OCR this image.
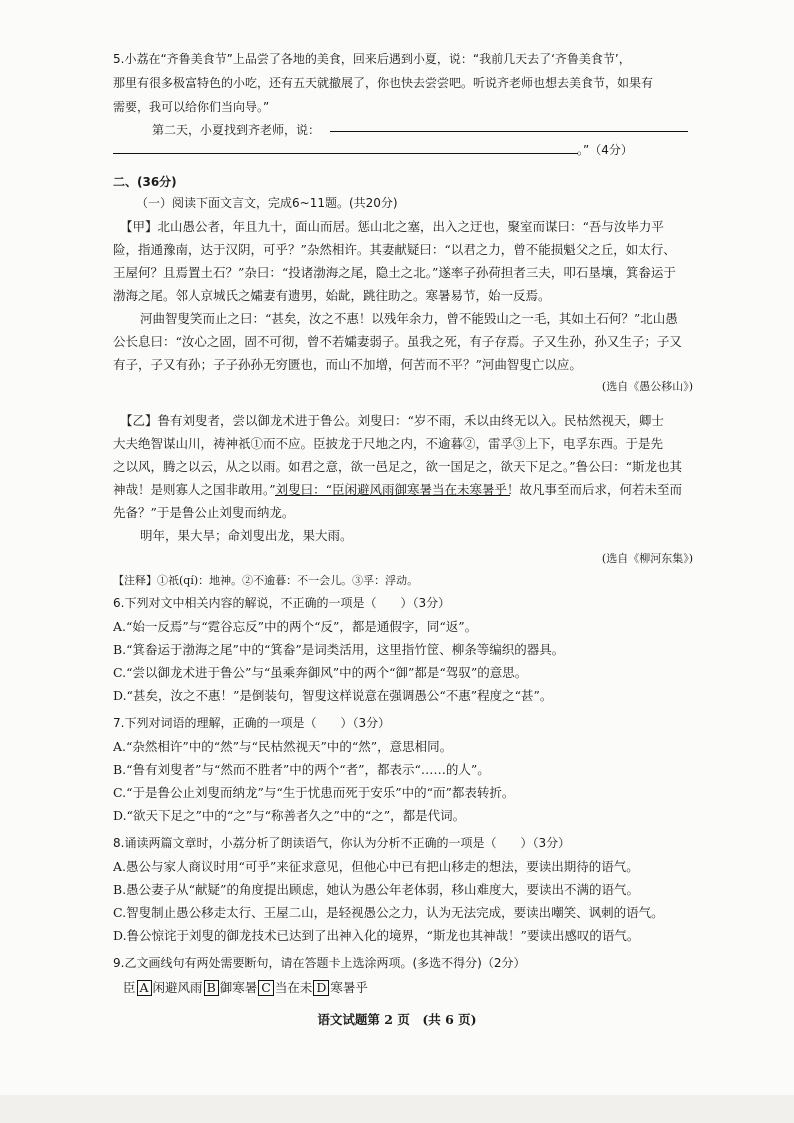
5.小荔在“齐鲁美食节”上品尝了各地的美食，回来后遇到小夏，说：“我前几天去了‘齐鲁美食节’，
那里有很多极富特色的小吃，还有五天就撤展了，你也快去尝尝吧。听说齐老师也想去美食节，如果有
需要，我可以给你们当向导。”
第二天，小夏找到齐老师，说：
。”（4分）
二、(36分)
（一）阅读下面文言文，完成6~11题。(共20分)
【甲】北山愚公者，年且九十，面山而居。惩山北之塞，出入之迂也，聚室而谋曰：“吾与汝毕力平
险，指通豫南，达于汉阴，可乎？”杂然相许。其妻献疑曰：“以君之力，曾不能损魁父之丘，如太行、
王屋何？且焉置土石？”杂曰：“投诸渤海之尾，隐土之北。”遂率子孙荷担者三夫，叩石垦壤，箕畚运于
渤海之尾。邻人京城氏之孀妻有遗男，始龀，跳往助之。寒暑易节，始一反焉。
河曲智叟笑而止之曰：“甚矣，汝之不惠！以残年余力，曾不能毁山之一毛，其如土石何？”北山愚
公长息曰：“汝心之固，固不可彻，曾不若孀妻弱子。虽我之死，有子存焉。子又生孙，孙又生子；子又
有子，子又有孙；子子孙孙无穷匮也，而山不加增，何苦而不平？”河曲智叟亡以应。
(选自《愚公移山》)
【乙】鲁有刘叟者，尝以御龙术进于鲁公。刘叟曰：“岁不雨，禾以由终无以入。民枯然视天，卿士
大夫绝智谋山川，祷神祇①而不应。臣披龙于尺地之内，不逾暮②，雷孚③上下，电孚东西。于是先
之以风，腾之以云，从之以雨。如君之意，欲一邑足之，欲一国足之，欲天下足之。”鲁公曰：“斯龙也其
神哉！是则寡人之国非敢用。”刘叟曰：“臣闲避风雨御寒暑当在未寒暑乎！故凡事至而后求，何若未至而
先备？”于是鲁公止刘叟而纳龙。
明年，果大旱；命刘叟出龙，果大雨。
(选自《柳河东集》)
【注释】①祇(qí)：地神。②不逾暮：不一会儿。③孚：浮动。
6.下列对文中相关内容的解说，不正确的一项是（　　）（3分）
A.“始一反焉”与“霓谷忘反”中的两个“反”，都是通假字，同“返”。
B.“箕畚运于渤海之尾”中的“箕畚”是词类活用，这里指竹筐、柳条等编织的器具。
C.“尝以御龙术进于鲁公”与“虽乘奔御风”中的两个“御”都是“驾驭”的意思。
D.“甚矣，汝之不惠！”是倒装句，智叟这样说意在强调愚公“不惠”程度之“甚”。
7.下列对词语的理解，正确的一项是（　　）（3分）
A.“杂然相许”中的“然”与“民枯然视天”中的“然”，意思相同。
B.“鲁有刘叟者”与“然而不胜者”中的两个“者”，都表示“……的人”。
C.“于是鲁公止刘叟而纳龙”与“生于忧患而死于安乐”中的“而”都表转折。
D.“欲天下足之”中的“之”与“称善者久之”中的“之”，都是代词。
8.诵读两篇文章时，小荔分析了朗读语气，你认为分析不正确的一项是（　　）（3分）
A.愚公与家人商议时用“可乎”来征求意见，但他心中已有把山移走的想法，要读出期待的语气。
B.愚公妻子从“献疑”的角度提出顾虑，她认为愚公年老体弱，移山难度大，要读出不满的语气。
C.智叟制止愚公移走太行、王屋二山，是轻视愚公之力，认为无法完成，要读出嘲笑、讽刺的语气。
D.鲁公惊诧于刘叟的御龙技术已达到了出神入化的境界，“斯龙也其神哉！”要读出感叹的语气。
9.乙文画线句有两处需要断句，请在答题卡上选涂两项。(多选不得分)（2分）
臣 A 闲避风雨 B 御寒暑 C 当在未 D 寒暑乎
语文试题第 2 页　(共 6 页)
